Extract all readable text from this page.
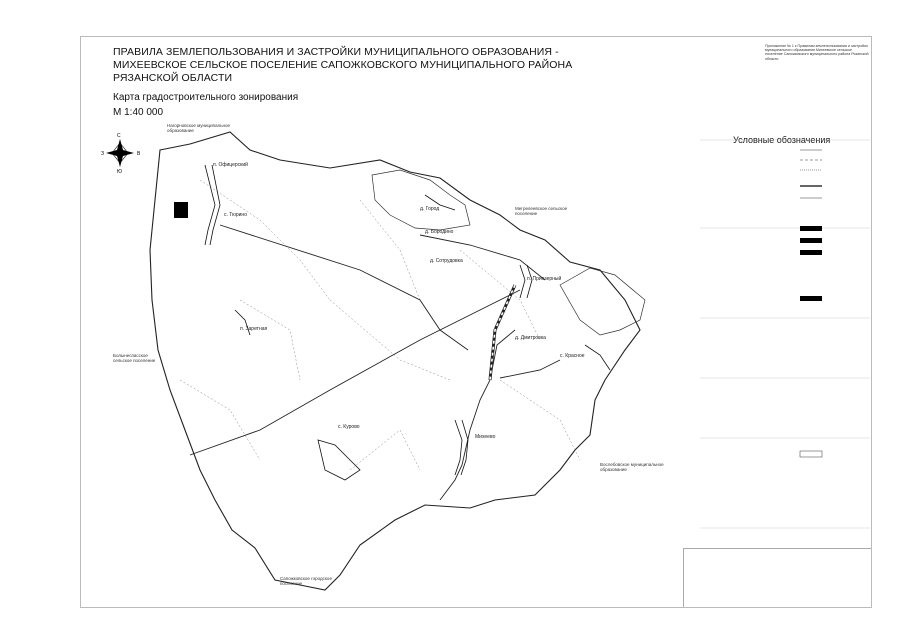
ПРАВИЛА ЗЕМЛЕПОЛЬЗОВАНИЯ И ЗАСТРОЙКИ МУНИЦИПАЛЬНОГО ОБРАЗОВАНИЯ - МИХЕЕВСКОЕ СЕЛЬСКОЕ ПОСЕЛЕНИЕ САПОЖКОВСКОГО МУНИЦИПАЛЬНОГО РАЙОНА РЯЗАНСКОЙ ОБЛАСТИ
Карта градостроительного зонирования
М 1:40 000
Приложение № 1 к Правилам землепользования и застройки муниципального образования Михеевское сельское поселение Сапожковского муниципального района Рязанской области
С
Ю
З	В
п. Офицерский
с. Тюрино
д. Город
д. Бородино
д. Сотрудовка
п. Приозерный
п. Заретная
д. Дмитровка
с. Красное
с. Курово
Михеево
Нагорновское муниципальное образование
Мегрелеевское сельское поселение
Вослебовское муниципальное образование
Болынеспасское сельское поселение
Сапожковское городское поселение
Условные обозначения
